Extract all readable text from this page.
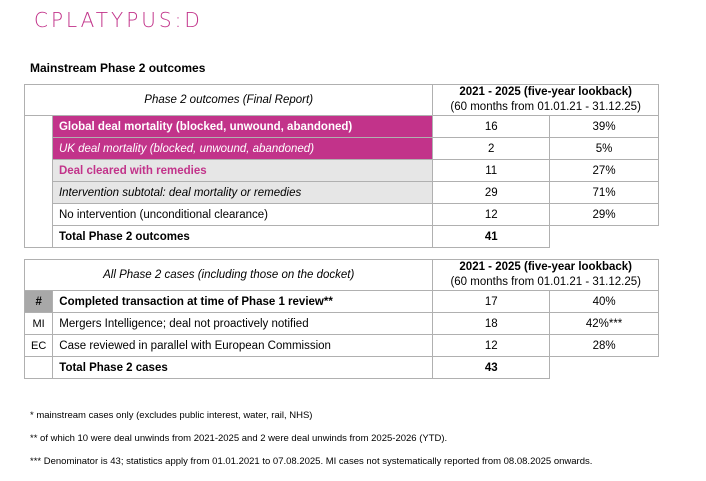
CPLATYPUS:D
Mainstream Phase 2 outcomes
Phase 2 outcomes (Final Report)		2021 - 2025 (five-year lookback)
(60 months from 01.01.21 - 31.12.25)	

	Global deal mortality (blocked, unwound, abandoned)	16	39%
	UK deal mortality (blocked, unwound, abandoned)	2	5%
	Deal cleared with remedies	11	27%
	Intervention subtotal: deal mortality or remedies	29	71%
	No intervention (unconditional clearance)	12	29%
	Total Phase 2 outcomes	41	
All Phase 2 cases (including those on the docket)		2021 - 2025 (five-year lookback)
(60 months from 01.01.21 - 31.12.25)	

#	Completed transaction at time of Phase 1 review**	17	40%
MI	Mergers Intelligence; deal not proactively notified	18	42%***
EC	Case reviewed in parallel with European Commission	12	28%
	Total Phase 2 cases	43	
* mainstream cases only (excludes public interest, water, rail, NHS)
** of which 10 were deal unwinds from 2021-2025 and 2 were deal unwinds from 2025-2026 (YTD).
*** Denominator is 43; statistics apply from 01.01.2021 to 07.08.2025. MI cases not systematically reported from 08.08.2025 onwards.
